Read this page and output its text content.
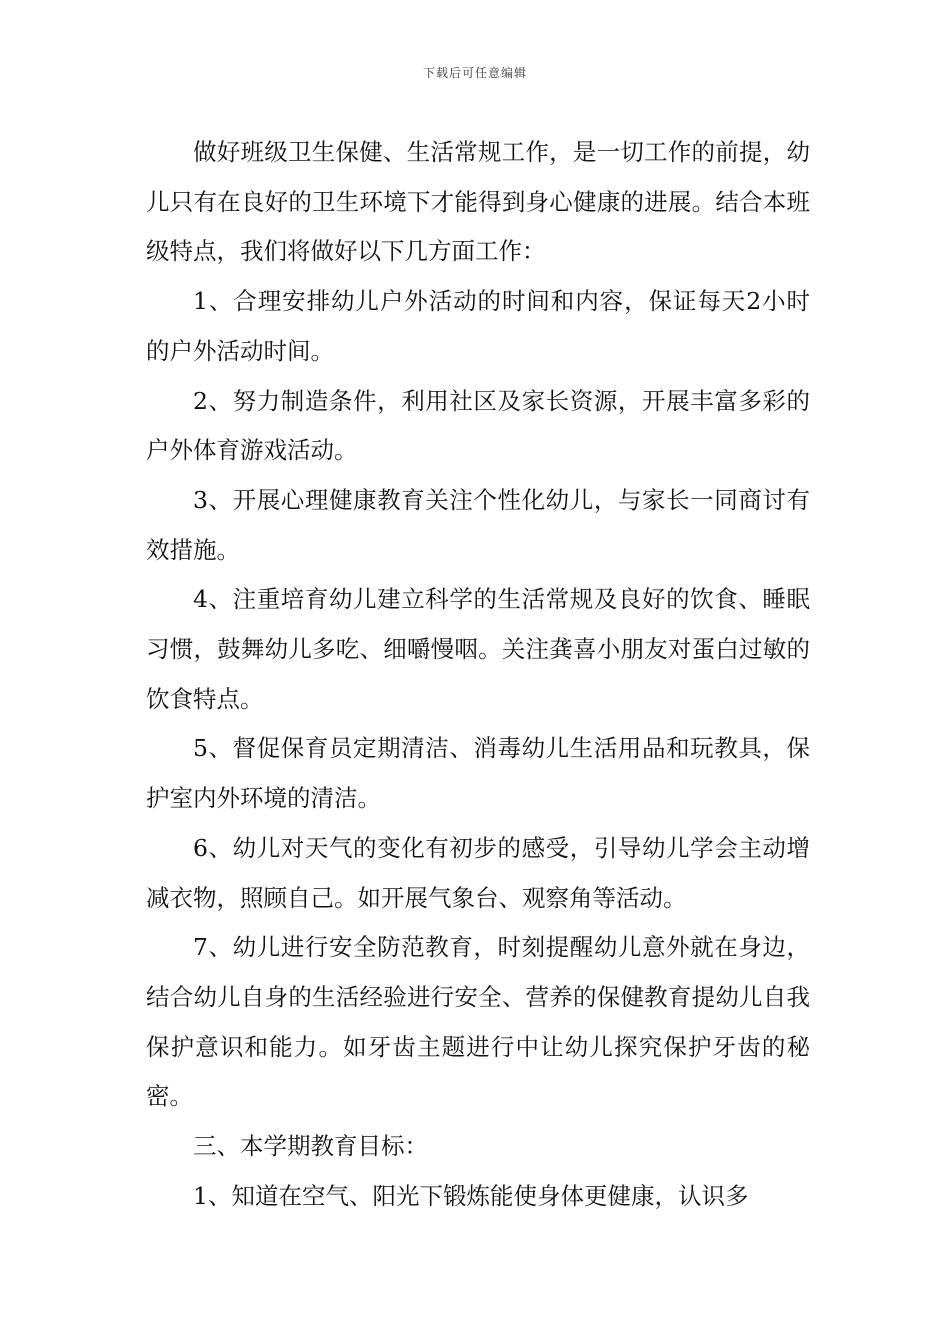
下载后可任意编辑

做好班级卫生保健、生活常规工作，是一切工作的前提，幼儿只有在良好的卫生环境下才能得到身心健康的进展。结合本班级特点，我们将做好以下几方面工作：

1、合理安排幼儿户外活动的时间和内容，保证每天2小时的户外活动时间。

2、努力制造条件，利用社区及家长资源，开展丰富多彩的户外体育游戏活动。

3、开展心理健康教育关注个性化幼儿，与家长一同商讨有效措施。

4、注重培育幼儿建立科学的生活常规及良好的饮食、睡眠习惯，鼓舞幼儿多吃、细嚼慢咽。关注龚喜小朋友对蛋白过敏的饮食特点。

5、督促保育员定期清洁、消毒幼儿生活用品和玩教具，保护室内外环境的清洁。

6、幼儿对天气的变化有初步的感受，引导幼儿学会主动增减衣物，照顾自己。如开展气象台、观察角等活动。

7、幼儿进行安全防范教育，时刻提醒幼儿意外就在身边，结合幼儿自身的生活经验进行安全、营养的保健教育提幼儿自我保护意识和能力。如牙齿主题进行中让幼儿探究保护牙齿的秘密。

三、本学期教育目标：

1、知道在空气、阳光下锻炼能使身体更健康，认识多
